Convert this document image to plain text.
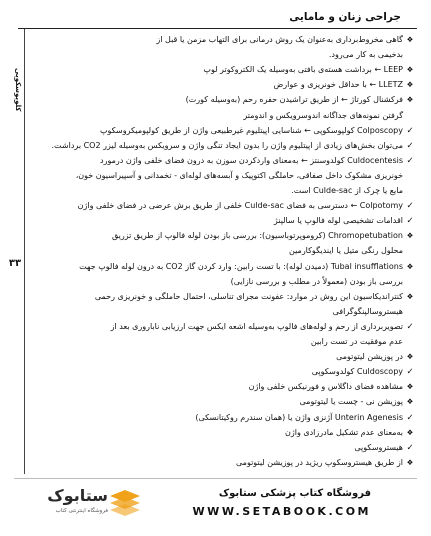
جراحی زنان و مامایی
کلوپوسکوپی
۳۳
❖گاهی مخروط‌برداری به‌عنوان یک روش درمانی برای التهاب مزمن یا قبل از
بدخیمی به کار می‌رود.
❖LEEP ← برداشت هسته‌ی بافتی به‌وسیله یک الکتروکوتر لوپ
❖LLETZ ← با حداقل خونریزی و عوارض
❖فرکشنال کورتاژ ← از طریق تراشیدن حفره رحم (به‌وسیله کورت)
گرفتن نمونه‌های جداگانه اندوسرویکس و اندومتر
✓Colposcopy کولپوسکوپی ← شناسایی اپیتلیوم غیرطبیعی واژن از طریق کولپومیکروسکوپ
✓می‌توان بخش‌های زیادی از اپیتلیوم واژن را بدون ایجاد تنگی واژن و سرویکس به‌وسیله لیزر CO2 برداشت.
✓Culdocentesis کولدوسنتز ← به‌معنای واردکردن سوزن به درون فضای خلفی واژن درمورد
خونریزی مشکوک داخل صفاقی، حاملگی اکتوپیک و آبسه‌های لوله‌ای - تخمدانی و آسپیراسیون خون،
مایع یا چرک از Culde-sac است.
✓Colpotomy ← دسترسی به فضای Culde-sac خلفی از طریق برش عرضی در فضای خلفی واژن
✓اقدامات تشخیصی لوله فالوپ یا سالپنژ
❖Chromopetubation (کروموپرتوباسیون): بررسی باز بودن لوله فالوپ از طریق تزریق
محلول رنگی متیل یا ایندیگوکارمین
❖Tubal insufflations (دمیدن لوله): با تست رابین: وارد کردن گاز CO2 به درون لوله فالوپ جهت
بررسی باز بودن (معمولاً در مطلب و بررسی نازایی)
❖کنتراندیکاسیون این روش در موارد: عفونت مجرای تناسلی، احتمال حاملگی و خونریزی رحمی
هیستروسالپنگوگرافی
✓تصویربرداری از رحم و لوله‌های فالوپ به‌وسیله اشعه ایکس جهت ارزیابی نابارورى بعد از
عدم موفقیت در تست رابین
❖در پوزیشن لیتوتومی
✓Culdoscopy کولدوسکوپی
❖مشاهده فضای داگلاس و فورنیکس خلفی واژن
❖پوزیشن نی - چست یا لیتوتومی
✓Unterin Agenesis آژنزی واژن یا (همان سندرم روکیتانسکی)
❖به‌معنای عدم تشکیل مادرزادی واژن
✓هیستروسکوپی
❖از طریق هیستروسکوپ ریژید در پوزیشن لیتوتومی
ستابوک
فروشگاه اینترنتی کتاب
فروشگاه کتاب پزشکی ستابوک
WWW.SETABOOK.COM
